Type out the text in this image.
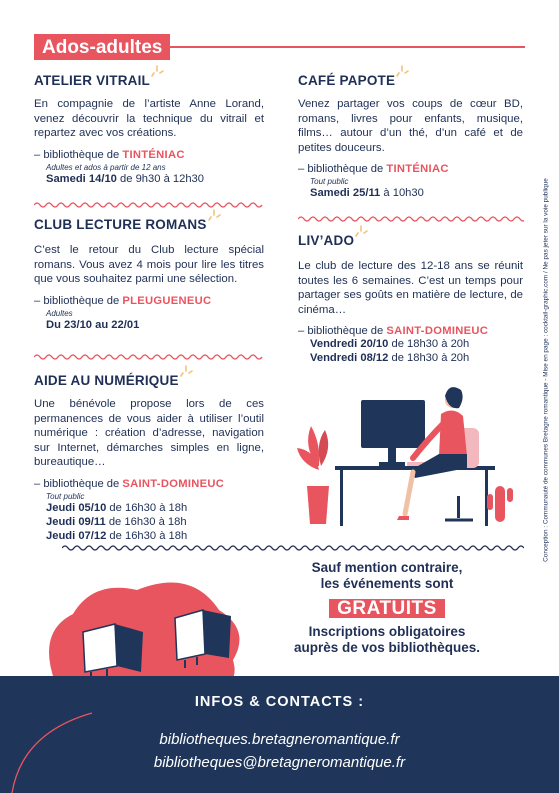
Ados-adultes
ATELIER VITRAIL

En compagnie de l’artiste Anne Lorand, venez découvrir la technique du vitrail et repartez avec vos créations.

– bibliothèque de TINTÉNIAC
Adultes et ados à partir de 12 ans
Samedi 14/10 de 9h30 à 12h30
CLUB LECTURE ROMANS

C’est le retour du Club lecture spécial romans. Vous avez 4 mois pour lire les titres que vous souhaitez parmi une sélection.

– bibliothèque de PLEUGUENEUC
Adultes
Du 23/10 au 22/01
AIDE AU NUMÉRIQUE

Une bénévole propose lors de ces permanences de vous aider à utiliser l’outil numérique : création d’adresse, navigation sur Internet, démarches simples en ligne, bureautique…

– bibliothèque de SAINT-DOMINEUC
Tout public
Jeudi 05/10 de 16h30 à 18h
Jeudi 09/11 de 16h30 à 18h
Jeudi 07/12 de 16h30 à 18h
CAFÉ PAPOTE

Venez partager vos coups de cœur BD, romans, livres pour enfants, musique, films… autour d’un thé, d’un café et de petites douceurs.

– bibliothèque de TINTÉNIAC
Tout public
Samedi 25/11 à 10h30
LIV’ADO

Le club de lecture des 12-18 ans se réunit toutes les 6 semaines. C’est un temps pour partager ses goûts en matière de lecture, de cinéma…

– bibliothèque de SAINT-DOMINEUC
Vendredi 20/10 de 18h30 à 20h
Vendredi 08/12 de 18h30 à 20h
Sauf mention contraire,
les événements sont
GRATUITS
Inscriptions obligatoires
auprès de vos bibliothèques.
Conception : Communauté de communes Bretagne romantique - Mise en page : cocktail-graphic.com / Ne pas jeter sur la voie publique
INFOS & CONTACTS :
bibliotheques.bretagneromantique.fr
bibliotheques@bretagneromantique.fr
